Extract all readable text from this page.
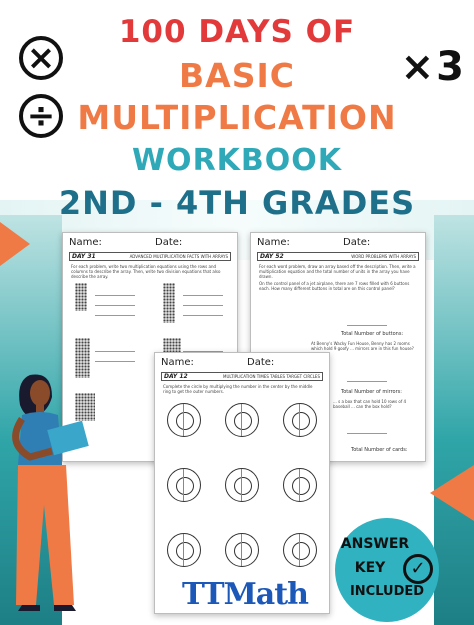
×
÷
×3
100 DAYS OF
BASIC
MULTIPLICATION
WORKBOOK
2ND - 4TH GRADES
Name:	Date:
DAY 31	ADVANCED MULTIPLICATION FACTS WITH ARRAYS
For each problem, write two multiplication equations using the rows and columns to describe the array. Then, write two division equations that also describe the array.
Name:	Date:
DAY 52	WORD PROBLEMS WITH ARRAYS
For each word problem, draw an array based off the description. Then, write a multiplication equation and the total number of units in the array you have drawn.
On the control panel of a jet airplane, there are 7 rows filled with 6 buttons each. How many different buttons in total are on this control panel?
Total Number of buttons:
At Benny's Wacky Fun House, Benny has 2 rooms which hold 9 goofy ... mirrors are in this fun house?
Total Number of mirrors:
... s a box that can hold 10 rows of 4 baseball ... can the box hold?
Total Number of cards:
Name:	Date:
DAY 12	MULTIPLICATION TIMES TABLES TARGET CIRCLES
Complete the circle by multiplying the number in the center by the middle ring to get the outer numbers.
TTMath
ANSWER
KEY
INCLUDED
✓
